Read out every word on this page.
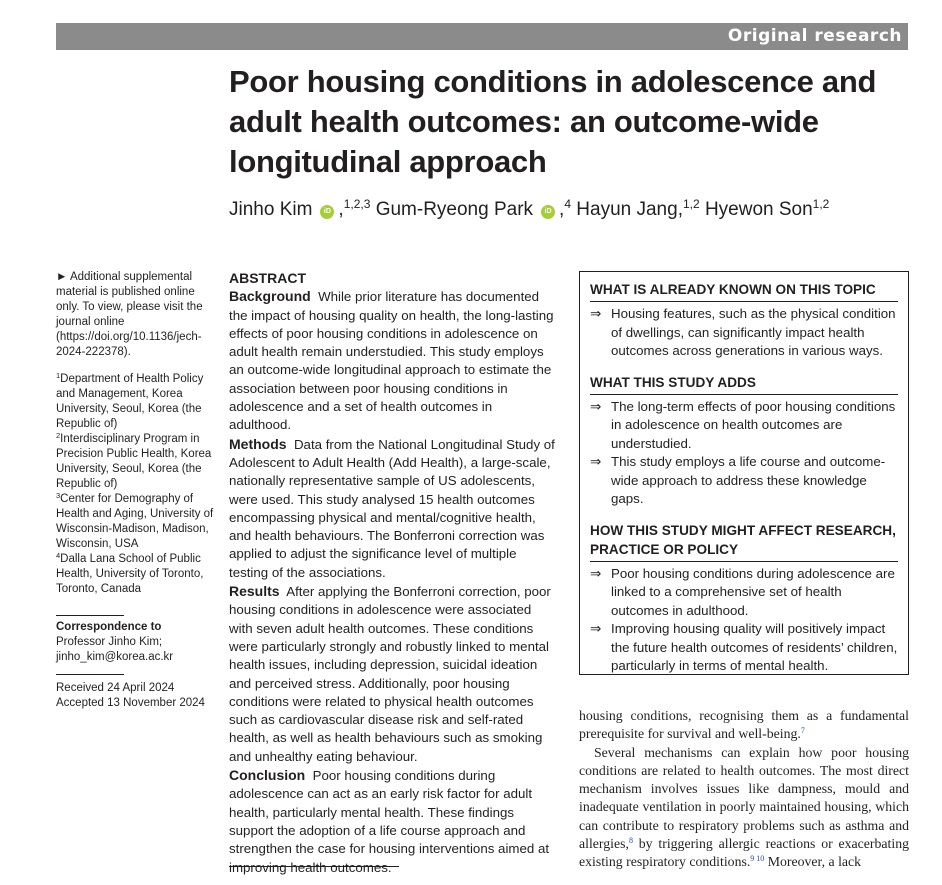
Original research
Poor housing conditions in adolescence and adult health outcomes: an outcome-wide longitudinal approach
Jinho Kim iD ,$^{1,2,3}$ Gum-Ryeong Park iD ,$^4$ Hayun Jang,$^{1,2}$ Hyewon Son$^{1,2}$

► Additional supplemental material is published online only. To view, please visit the journal online (https://doi.org/10.1136/jech-2024-222378).

$^1$Department of Health Policy and Management, Korea University, Seoul, Korea (the Republic of)

$^2$Interdisciplinary Program in Precision Public Health, Korea University, Seoul, Korea (the Republic of)

$^3$Center for Demography of Health and Aging, University of Wisconsin-Madison, Madison, Wisconsin, USA

$^4$Dalla Lana School of Public Health, University of Toronto, Toronto, Canada

Correspondence to

Professor Jinho Kim;

jinho_kim@korea.ac.kr

Received 24 April 2024

Accepted 13 November 2024

ABSTRACT

Background While prior literature has documented the impact of housing quality on health, the long-lasting effects of poor housing conditions in adolescence on adult health remain understudied. This study employs an outcome-wide longitudinal approach to estimate the association between poor housing conditions in adolescence and a set of health outcomes in adulthood.

Methods Data from the National Longitudinal Study of Adolescent to Adult Health (Add Health), a large-scale, nationally representative sample of US adolescents, were used. This study analysed 15 health outcomes encompassing physical and mental/cognitive health, and health behaviours. The Bonferroni correction was applied to adjust the significance level of multiple testing of the associations.

Results After applying the Bonferroni correction, poor housing conditions in adolescence were associated with seven adult health outcomes. These conditions were particularly strongly and robustly linked to mental health issues, including depression, suicidal ideation and perceived stress. Additionally, poor housing conditions were related to physical health outcomes such as cardiovascular disease risk and self-rated health, as well as health behaviours such as smoking and unhealthy eating behaviour.

Conclusion Poor housing conditions during adolescence can act as an early risk factor for adult health, particularly mental health. These findings support the adoption of a life course approach and strengthen the case for housing interventions aimed at improving health outcomes.

WHAT IS ALREADY KNOWN ON THIS TOPIC
⇒ Housing features, such as the physical condition of dwellings, can significantly impact health outcomes across generations in various ways.
WHAT THIS STUDY ADDS
⇒ The long-term effects of poor housing conditions in adolescence on health outcomes are understudied.
⇒ This study employs a life course and outcome-wide approach to address these knowledge gaps.
HOW THIS STUDY MIGHT AFFECT RESEARCH, PRACTICE OR POLICY
⇒ Poor housing conditions during adolescence are linked to a comprehensive set of health outcomes in adulthood.
⇒ Improving housing quality will positively impact the future health outcomes of residents’ children, particularly in terms of mental health.

housing conditions, recognising them as a fundamental prerequisite for survival and well-being.$^7$

Several mechanisms can explain how poor housing conditions are related to health outcomes. The most direct mechanism involves issues like dampness, mould and inadequate ventilation in poorly maintained housing, which can contribute to respiratory problems such as asthma and allergies,$^8$ by triggering allergic reactions or exacerbating existing respiratory conditions.$^{9 10}$ Moreover, a lack
